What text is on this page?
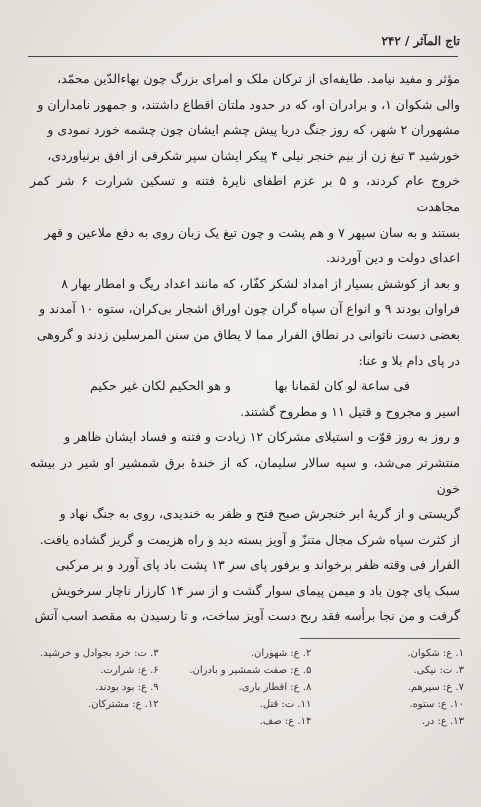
تاج المآثر / ۲۴۲

مؤثر و مفید نیامد. طایفه‌ای از ترکان ملک و امرای بزرگ چون بهاءالدّین محمّد،

والی شکوان ۱، و برادران او، که در حدود ملتان اقطاع داشتند، و جمهور نامداران و

مشهوران ۲ شهر، که روز جنگ دریا پیش چشم ایشان چون چشمه خورد نمودی و

خورشید ۳ تیغ زن از بیم خنجر نیلی ۴ پیکر ایشان سپر شکرفی از افق برنیاوردی،

خروج عام کردند، و ۵ بر عزم اطفای نایرهٔ فتنه و تسکین شرارت ۶ شر کمر مجاهدت

بستند و به سان سپهر ۷ و هم پشت و چون تیغ یک زبان روی به دفع ملاعین و قهر

اعدای دولت و دین آوردند.

و بعد از کوشش بسیار از امداد لشکر کفّار، که مانند اعداد ریگ و امطار بهار ۸

فراوان بودند ۹ و انواع آن سپاه گران چون اوراق اشجار بی‌کران، ستوه ۱۰ آمدند و

بعضی دست ناتوانی در نطاق الفرار مما لا یطاق من سنن المرسلین زدند و گروهی

در پای دام بلا و عنا:

فی ساعة لو کان لقمانا بها
و هو الحکیم لکان غیر حکیم

اسیر و مجروح و قتیل ۱۱ و مطروح گشتند.

و روز به روز قوّت و استیلای مشرکان ۱۲ زیادت و فتنه و فساد ایشان ظاهر و

منتشرتر می‌شد، و سپه سالار سلیمان، که از خندهٔ برق شمشیر او شیر در بیشه خون

گریستی و از گریهٔ ابر خنجرش صبح فتح و ظفر به خندیدی، روی به جنگ نهاد و

از کثرت سپاه شرک مجال متنزّ و آویز بسته دید و راه هزیمت و گریز گشاده یافت.

الفرار فی وقته ظفر برخواند و برفور پای سر ۱۳ پشت باد پای آورد و بر مرکبی

سبک پای چون باد و میمن پیمای سوار گشت و از سر ۱۴ کارزار ناچار سرخویش

گرفت و من نجا برأسه فقد ربح دست آویز ساخت، و تا رسیدن به مقصد اسب آتش

۱. ع: شکوان.
۲. ع: شهوران.
۳. ت: خرد بجوادل و خرشید.
۳. ت: نیکی.
۵. ع: صفت شمشیر و بادران.
۶. ع: شرارت.
۷. ع: سپرهم.
۸. ع: اقطار باری.
۹. ع: بود بودند.
۱۰. ع: ستوه.
۱۱. ت: قتل.
۱۲. ع: مشترکان.
۱۳. ع: در.
۱۴. ع: صف.
